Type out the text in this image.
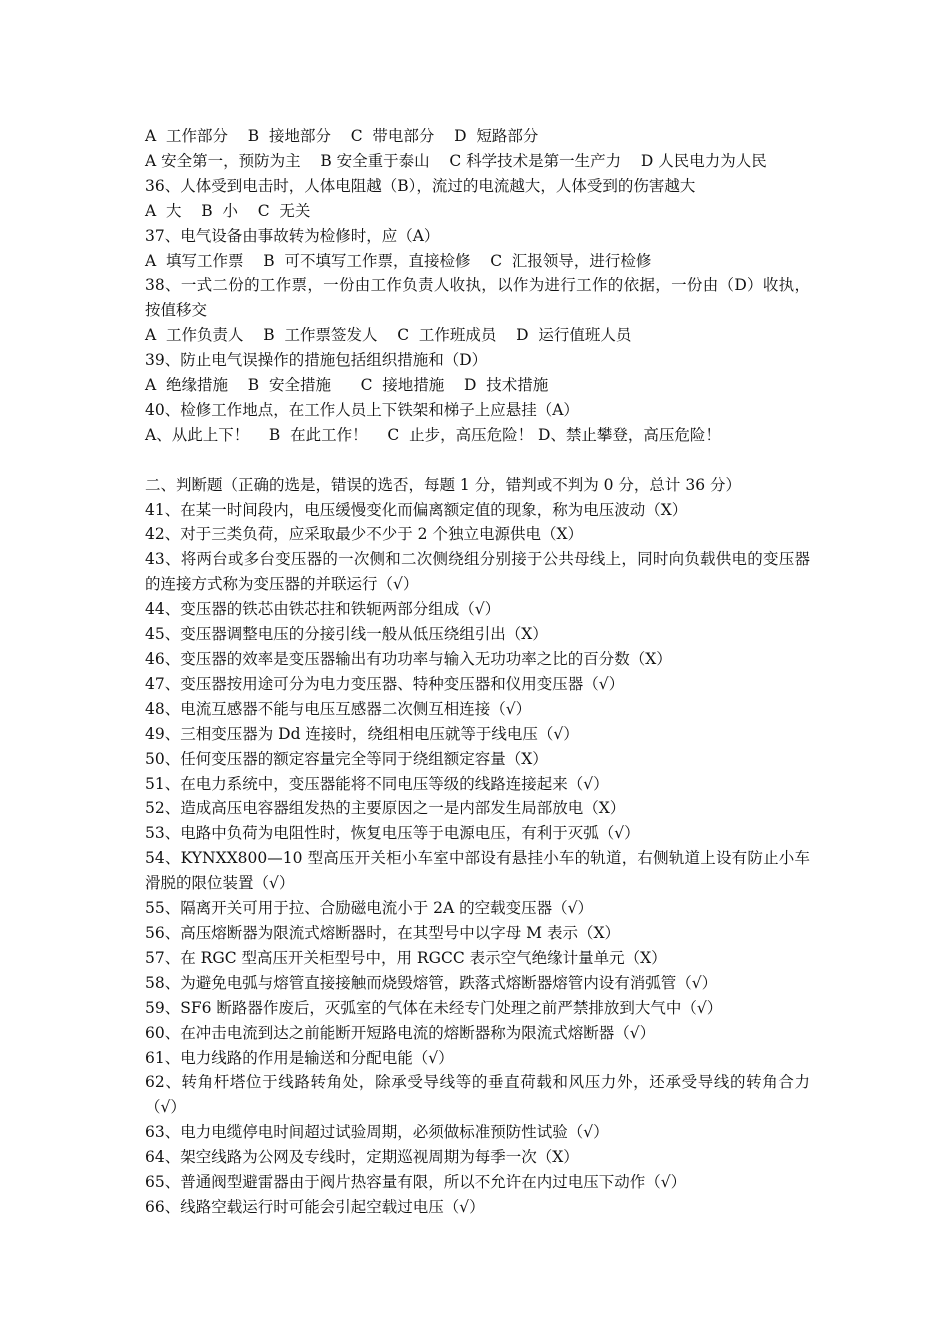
A  工作部分    B  接地部分    C  带电部分    D  短路部分
A 安全第一，预防为主    B 安全重于泰山    C 科学技术是第一生产力    D 人民电力为人民
36、人体受到电击时，人体电阻越（B），流过的电流越大，人体受到的伤害越大
A  大    B  小    C  无关
37、电气设备由事故转为检修时，应（A）
A  填写工作票    B  可不填写工作票，直接检修    C  汇报领导，进行检修
38、一式二份的工作票，一份由工作负责人收执，以作为进行工作的依据，一份由（D）收执，按值移交
A  工作负责人    B  工作票签发人    C  工作班成员    D  运行值班人员
39、防止电气误操作的措施包括组织措施和（D）
A  绝缘措施    B  安全措施      C  接地措施    D  技术措施
40、检修工作地点，在工作人员上下铁架和梯子上应悬挂（A）
A、从此上下！    B  在此工作！    C  止步，高压危险！ D、禁止攀登，高压危险！
二、判断题（正确的选是，错误的选否，每题 1 分，错判或不判为 0 分，总计 36 分）
41、在某一时间段内，电压缓慢变化而偏离额定值的现象，称为电压波动（X）
42、对于三类负荷，应采取最少不少于 2 个独立电源供电（X）
43、将两台或多台变压器的一次侧和二次侧绕组分别接于公共母线上，同时向负载供电的变压器的连接方式称为变压器的并联运行（√）
44、变压器的铁芯由铁芯拄和铁轭两部分组成（√）
45、变压器调整电压的分接引线一般从低压绕组引出（X）
46、变压器的效率是变压器输出有功功率与输入无功功率之比的百分数（X）
47、变压器按用途可分为电力变压器、特种变压器和仪用变压器（√）
48、电流互感器不能与电压互感器二次侧互相连接（√）
49、三相变压器为 Dd 连接时，绕组相电压就等于线电压（√）
50、任何变压器的额定容量完全等同于绕组额定容量（X）
51、在电力系统中，变压器能将不同电压等级的线路连接起来（√）
52、造成高压电容器组发热的主要原因之一是内部发生局部放电（X）
53、电路中负荷为电阻性时，恢复电压等于电源电压，有利于灭弧（√）
54、KYNXX800—10 型高压开关柜小车室中部设有悬挂小车的轨道，右侧轨道上设有防止小车滑脱的限位装置（√）
55、隔离开关可用于拉、合励磁电流小于 2A 的空载变压器（√）
56、高压熔断器为限流式熔断器时，在其型号中以字母 M 表示（X）
57、在 RGC 型高压开关柜型号中，用 RGCC 表示空气绝缘计量单元（X）
58、为避免电弧与熔管直接接触而烧毁熔管，跌落式熔断器熔管内设有消弧管（√）
59、SF6 断路器作废后，灭弧室的气体在未经专门处理之前严禁排放到大气中（√）
60、在冲击电流到达之前能断开短路电流的熔断器称为限流式熔断器（√）
61、电力线路的作用是输送和分配电能（√）
62、转角杆塔位于线路转角处，除承受导线等的垂直荷载和风压力外，还承受导线的转角合力（√）
63、电力电缆停电时间超过试验周期，必须做标准预防性试验（√）
64、架空线路为公网及专线时，定期巡视周期为每季一次（X）
65、普通阀型避雷器由于阀片热容量有限，所以不允许在内过电压下动作（√）
66、线路空载运行时可能会引起空载过电压（√）
